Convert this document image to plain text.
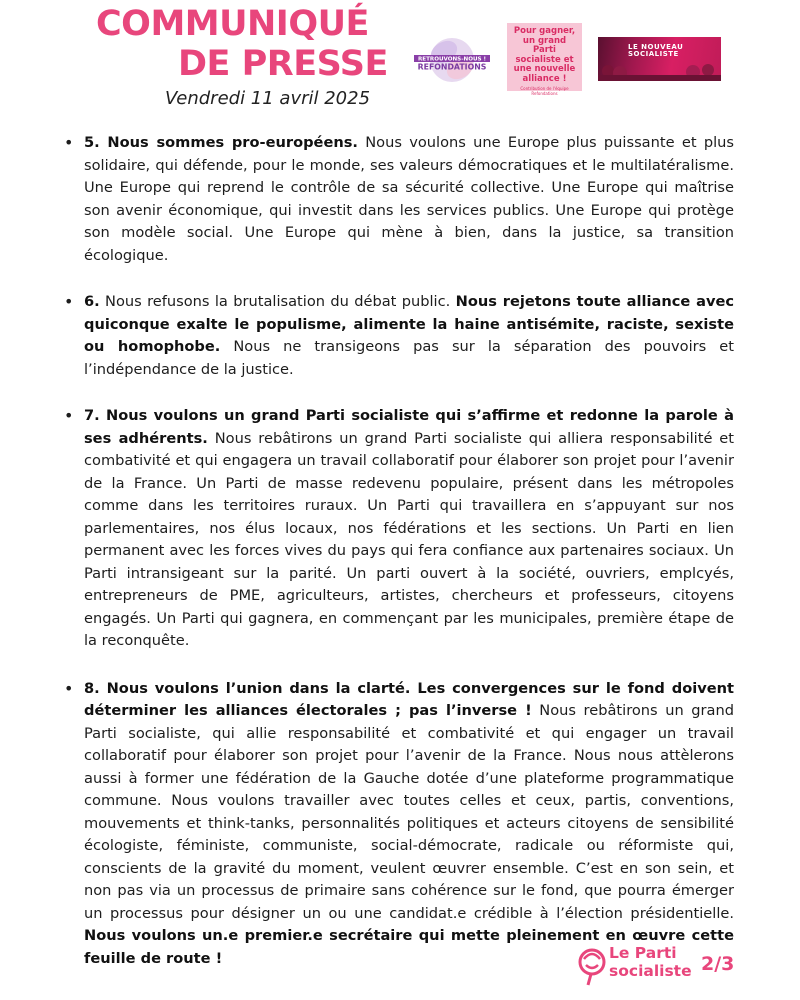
COMMUNIQUÉ
DE PRESSE
Vendredi 11 avril 2025
RETROUVONS-NOUS !
REFONDATIONS
Pour gagner, un grand Parti socialiste et une nouvelle alliance !
Contribution de l'équipe Refondations
LE NOUVEAU
SOCIALISTE
• 5. Nous sommes pro-européens. Nous voulons une Europe plus puissante et plus solidaire, qui défende, pour le monde, ses valeurs démocratiques et le multilatéralisme. Une Europe qui reprend le contrôle de sa sécurité collective. Une Europe qui maîtrise son avenir économique, qui investit dans les services publics. Une Europe qui protège son modèle social. Une Europe qui mène à bien, dans la justice, sa transition écologique.
• 6. Nous refusons la brutalisation du débat public. Nous rejetons toute alliance avec quiconque exalte le populisme, alimente la haine antisémite, raciste, sexiste ou homophobe. Nous ne transigeons pas sur la séparation des pouvoirs et l’indépendance de la justice.
• 7. Nous voulons un grand Parti socialiste qui s’affirme et redonne la parole à ses adhérents. Nous rebâtirons un grand Parti socialiste qui alliera responsabilité et combativité et qui engagera un travail collaboratif pour élaborer son projet pour l’avenir de la France. Un Parti de masse redevenu populaire, présent dans les métropoles comme dans les territoires ruraux. Un Parti qui travaillera en s’appuyant sur nos parlementaires, nos élus locaux, nos fédérations et les sections. Un Parti en lien permanent avec les forces vives du pays qui fera confiance aux partenaires sociaux. Un Parti intransigeant sur la parité. Un parti ouvert à la société, ouvriers, emplcyés, entrepreneurs de PME, agriculteurs, artistes, chercheurs et professeurs, citoyens engagés. Un Parti qui gagnera, en commençant par les municipales, première étape de la reconquête.
• 8. Nous voulons l’union dans la clarté. Les convergences sur le fond doivent déterminer les alliances électorales ; pas l’inverse ! Nous rebâtirons un grand Parti socialiste, qui allie responsabilité et combativité et qui engager un travail collaboratif pour élaborer son projet pour l’avenir de la France. Nous nous attèlerons aussi à former une fédération de la Gauche dotée d’une plateforme programmatique commune. Nous voulons travailler avec toutes celles et ceux, partis, conventions, mouvements et think-tanks, personnalités politiques et acteurs citoyens de sensibilité écologiste, féministe, communiste, social-démocrate, radicale ou réformiste qui, conscients de la gravité du moment, veulent œuvrer ensemble. C’est en son sein, et non pas via un processus de primaire sans cohérence sur le fond, que pourra émerger un processus pour désigner un ou une candidat.e crédible à l’élection présidentielle. Nous voulons un.e premier.e secrétaire qui mette pleinement en œuvre cette feuille de route !	Le Parti
socialiste 2/3
